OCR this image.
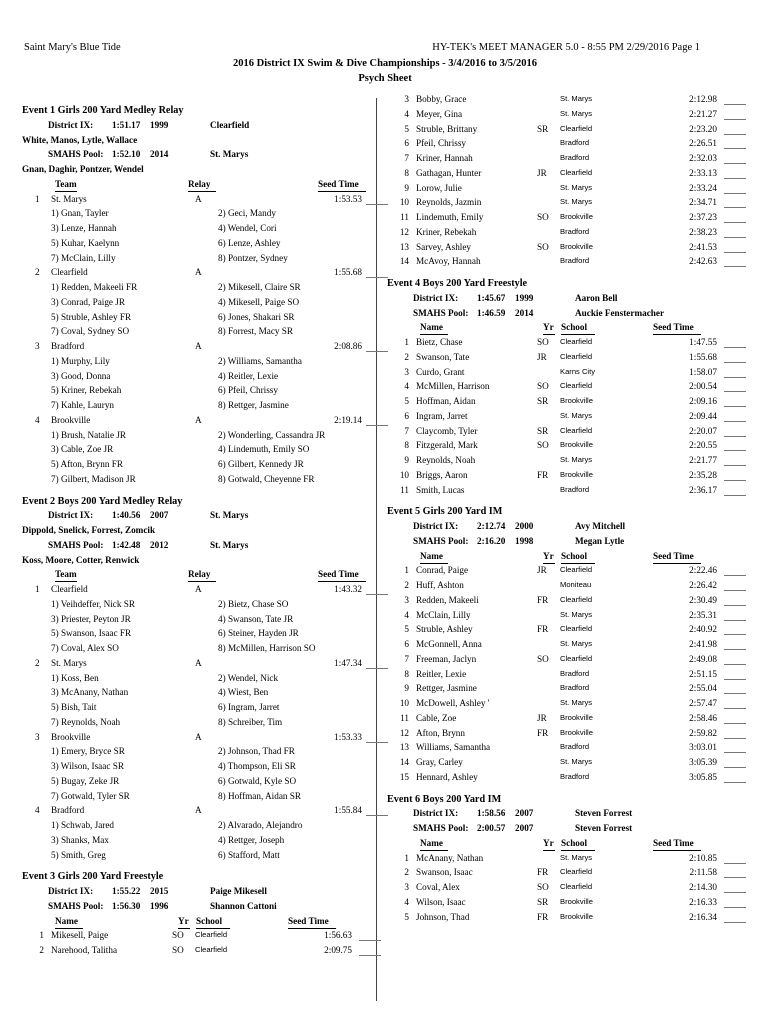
Saint Mary's Blue Tide	HY-TEK's MEET MANAGER 5.0 - 8:55 PM 2/29/2016 Page 1
2016 District IX Swim & Dive Championships - 3/4/2016 to 3/5/2016
Psych Sheet
Event 1 Girls 200 Yard Medley Relay
District IX: 1:51.17 1999	Clearfield
White, Manos, Lytle, Wallace
SMAHS Pool: 1:52.10 2014	St. Marys
Gnan, Daghir, Pontzer, Wendel
Team	Relay	Seed Time
1 St. Marys	A	1:53.53
1) Gnan, Tayler	2) Geci, Mandy
3) Lenze, Hannah	4) Wendel, Cori
5) Kuhar, Kaelynn	6) Lenze, Ashley
7) McClain, Lilly	8) Pontzer, Sydney
2 Clearfield	A	1:55.68
1) Redden, Makeeli FR	2) Mikesell, Claire SR
3) Conrad, Paige JR	4) Mikesell, Paige SO
5) Struble, Ashley FR	6) Jones, Shakari SR
7) Coval, Sydney SO	8) Forrest, Macy SR
3 Bradford	A	2:08.86
1) Murphy, Lily	2) Williams, Samantha
3) Good, Donna	4) Reitler, Lexie
5) Kriner, Rebekah	6) Pfeil, Chrissy
7) Kahle, Lauryn	8) Rettger, Jasmine
4 Brookville	A	2:19.14
1) Brush, Natalie JR	2) Wonderling, Cassandra JR
3) Cable, Zoe JR	4) Lindemuth, Emily SO
5) Afton, Brynn FR	6) Gilbert, Kennedy JR
7) Gilbert, Madison JR	8) Gotwald, Cheyenne FR
Event 2 Boys 200 Yard Medley Relay
District IX: 1:40.56 2007	St. Marys
Dippold, Snelick, Forrest, Zomcik
SMAHS Pool: 1:42.48 2012	St. Marys
Koss, Moore, Cotter, Renwick
Team	Relay	Seed Time
1 Clearfield	A	1:43.32
1) Veihdeffer, Nick SR	2) Bietz, Chase SO
3) Priester, Peyton JR	4) Swanson, Tate JR
5) Swanson, Isaac FR	6) Steiner, Hayden JR
7) Coval, Alex SO	8) McMillen, Harrison SO
2 St. Marys	A	1:47.34
1) Koss, Ben	2) Wendel, Nick
3) McAnany, Nathan	4) Wiest, Ben
5) Bish, Tait	6) Ingram, Jarret
7) Reynolds, Noah	8) Schreiber, Tim
3 Brookville	A	1:53.33
1) Emery, Bryce SR	2) Johnson, Thad FR
3) Wilson, Isaac SR	4) Thompson, Eli SR
5) Bugay, Zeke JR	6) Gotwald, Kyle SO
7) Gotwald, Tyler SR	8) Hoffman, Aidan SR
4 Bradford	A	1:55.84
1) Schwab, Jared	2) Alvarado, Alejandro
3) Shanks, Max	4) Rettger, Joseph
5) Smith, Greg	6) Stafford, Matt
Event 3 Girls 200 Yard Freestyle
District IX: 1:55.22 2015	Paige Mikesell
SMAHS Pool: 1:56.30 1996	Shannon Cattoni
Name	Yr School	Seed Time
1 Mikesell, Paige	SO Clearfield	1:56.63
2 Narehood, Talitha	SO Clearfield	2:09.75
3 Bobby, Grace	St. Marys	2:12.98
4 Meyer, Gina	St. Marys	2:21.27
5 Struble, Brittany	SR Clearfield	2:23.20
6 Pfeil, Chrissy	Bradford	2:26.51
7 Kriner, Hannah	Bradford	2:32.03
8 Gathagan, Hunter	JR Clearfield	2:33.13
9 Lorow, Julie	St. Marys	2:33.24
10 Reynolds, Jazmin	St. Marys	2:34.71
11 Lindemuth, Emily	SO Brookville	2:37.23
12 Kriner, Rebekah	Bradford	2:38.23
13 Sarvey, Ashley	SO Brookville	2:41.53
14 McAvoy, Hannah	Bradford	2:42.63
Event 4 Boys 200 Yard Freestyle
District IX: 1:45.67 1999	Aaron Bell
SMAHS Pool: 1:46.59 2014	Auckie Fenstermacher
Name	Yr School	Seed Time
1 Bietz, Chase	SO Clearfield	1:47.55
2 Swanson, Tate	JR Clearfield	1:55.68
3 Curdo, Grant	Karns City	1:58.07
4 McMillen, Harrison	SO Clearfield	2:00.54
5 Hoffman, Aidan	SR Brookville	2:09.16
6 Ingram, Jarret	St. Marys	2:09.44
7 Claycomb, Tyler	SR Clearfield	2:20.07
8 Fitzgerald, Mark	SO Brookville	2:20.55
9 Reynolds, Noah	St. Marys	2:21.77
10 Briggs, Aaron	FR Brookville	2:35.28
11 Smith, Lucas	Bradford	2:36.17
Event 5 Girls 200 Yard IM
District IX: 2:12.74 2000	Avy Mitchell
SMAHS Pool: 2:16.20 1998	Megan Lytle
Name	Yr School	Seed Time
1 Conrad, Paige	JR Clearfield	2:22.46
2 Huff, Ashton	Moniteau	2:26.42
3 Redden, Makeeli	FR Clearfield	2:30.49
4 McClain, Lilly	St. Marys	2:35.31
5 Struble, Ashley	FR Clearfield	2:40.92
6 McGonnell, Anna	St. Marys	2:41.98
7 Freeman, Jaclyn	SO Clearfield	2:49.08
8 Reitler, Lexie	Bradford	2:51.15
9 Rettger, Jasmine	Bradford	2:55.04
10 McDowell, Ashley '	St. Marys	2:57.47
11 Cable, Zoe	JR Brookville	2:58.46
12 Afton, Brynn	FR Brookville	2:59.82
13 Williams, Samantha	Bradford	3:03.01
14 Gray, Carley	St. Marys	3:05.39
15 Hennard, Ashley	Bradford	3:05.85
Event 6 Boys 200 Yard IM
District IX: 1:58.56 2007	Steven Forrest
SMAHS Pool: 2:00.57 2007	Steven Forrest
Name	Yr School	Seed Time
1 McAnany, Nathan	St. Marys	2:10.85
2 Swanson, Isaac	FR Clearfield	2:11.58
3 Coval, Alex	SO Clearfield	2:14.30
4 Wilson, Isaac	SR Brookville	2:16.33
5 Johnson, Thad	FR Brookville	2:16.34
